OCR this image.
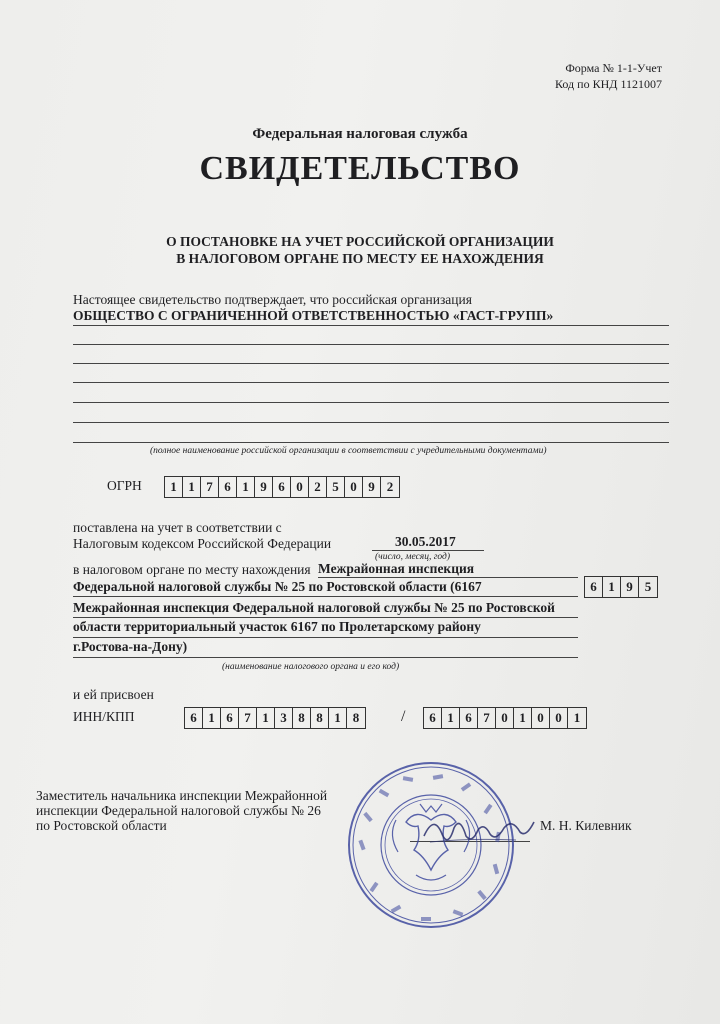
Форма № 1-1-Учет
Код по КНД 1121007
Федеральная налоговая служба
СВИДЕТЕЛЬСТВО
О ПОСТАНОВКЕ НА УЧЕТ РОССИЙСКОЙ ОРГАНИЗАЦИИ
В НАЛОГОВОМ ОРГАНЕ ПО МЕСТУ ЕЕ НАХОЖДЕНИЯ
Настоящее свидетельство подтверждает, что российская организация
ОБЩЕСТВО С ОГРАНИЧЕННОЙ ОТВЕТСТВЕННОСТЬЮ «ГАСТ-ГРУПП»
(полное наименование российской организации в соответствии с учредительными документами)
ОГРН	1 1 7 6 1 9 6 0 2 5 0 9 2
поставлена на учет в соответствии с
Налоговым кодексом Российской Федерации	30.05.2017
(число, месяц, год)
в налоговом органе по месту нахождения Межрайонная инспекция
Федеральной налоговой службы № 25 по Ростовской области (6167	6 1 9 5
Межрайонная инспекция Федеральной налоговой службы № 25 по Ростовской
области территориальный участок 6167 по Пролетарскому району
г.Ростова-на-Дону)
(наименование налогового органа и его код)
и ей присвоен
ИНН/КПП	6 1 6 7 1 3 8 8 1 8	/	6 1 6 7 0 1 0 0 1
Заместитель начальника инспекции Межрайонной
инспекции Федеральной налоговой службы № 26
по Ростовской области	М. Н. Килевник
